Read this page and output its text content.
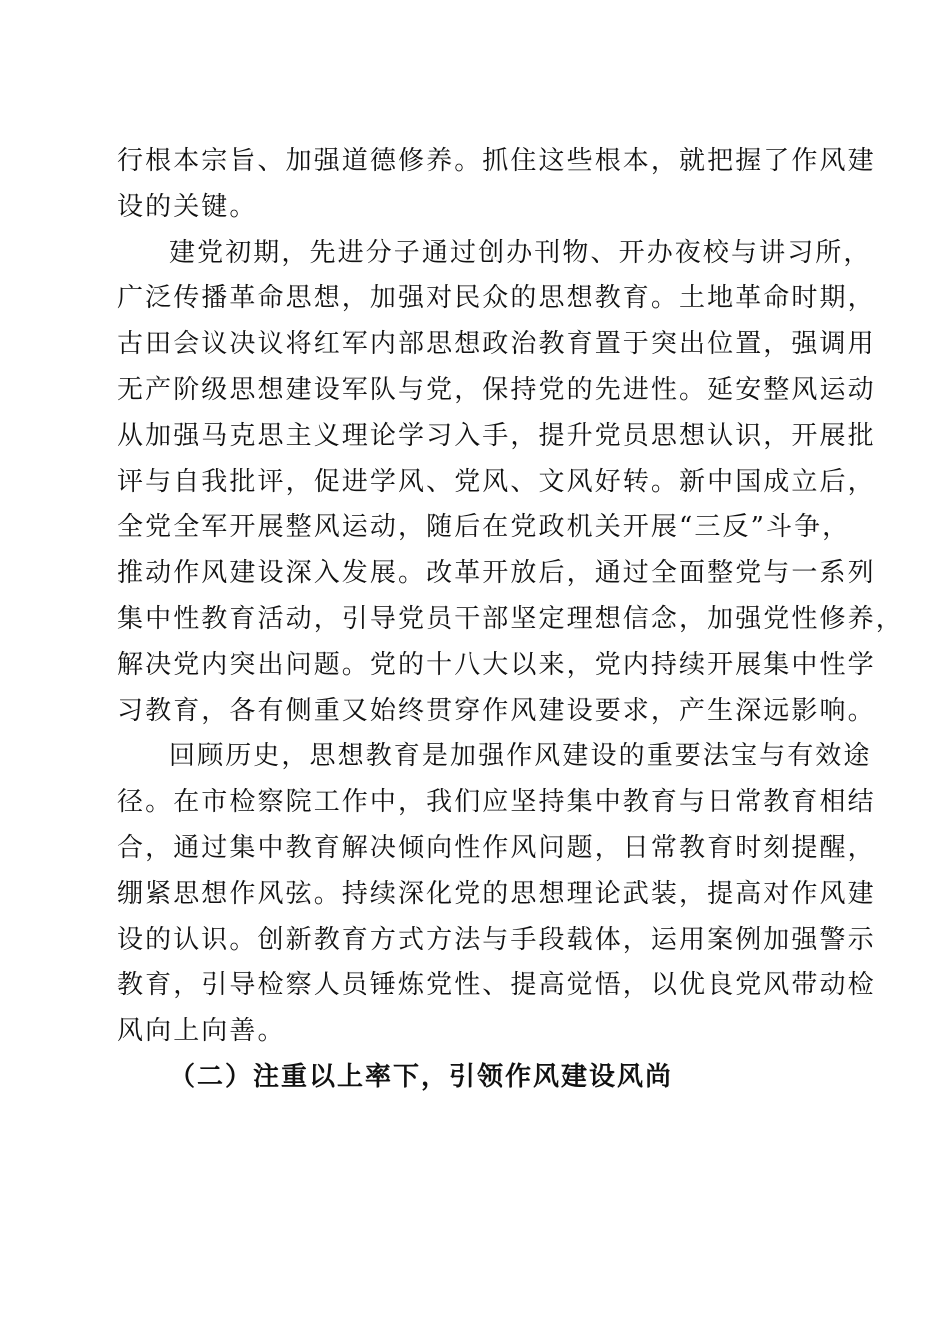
行根本宗旨、加强道德修养。抓住这些根本，就把握了作风建
设的关键。
建党初期，先进分子通过创办刊物、开办夜校与讲习所，
广泛传播革命思想，加强对民众的思想教育。土地革命时期，
古田会议决议将红军内部思想政治教育置于突出位置，强调用
无产阶级思想建设军队与党，保持党的先进性。延安整风运动
从加强马克思主义理论学习入手，提升党员思想认识，开展批
评与自我批评，促进学风、党风、文风好转。新中国成立后，
全党全军开展整风运动，随后在党政机关开展“三反”斗争，
推动作风建设深入发展。改革开放后，通过全面整党与一系列
集中性教育活动，引导党员干部坚定理想信念，加强党性修养，
解决党内突出问题。党的十八大以来，党内持续开展集中性学
习教育，各有侧重又始终贯穿作风建设要求，产生深远影响。
回顾历史，思想教育是加强作风建设的重要法宝与有效途
径。在市检察院工作中，我们应坚持集中教育与日常教育相结
合，通过集中教育解决倾向性作风问题，日常教育时刻提醒，
绷紧思想作风弦。持续深化党的思想理论武装，提高对作风建
设的认识。创新教育方式方法与手段载体，运用案例加强警示
教育，引导检察人员锤炼党性、提高觉悟，以优良党风带动检
风向上向善。
（二）注重以上率下，引领作风建设风尚
